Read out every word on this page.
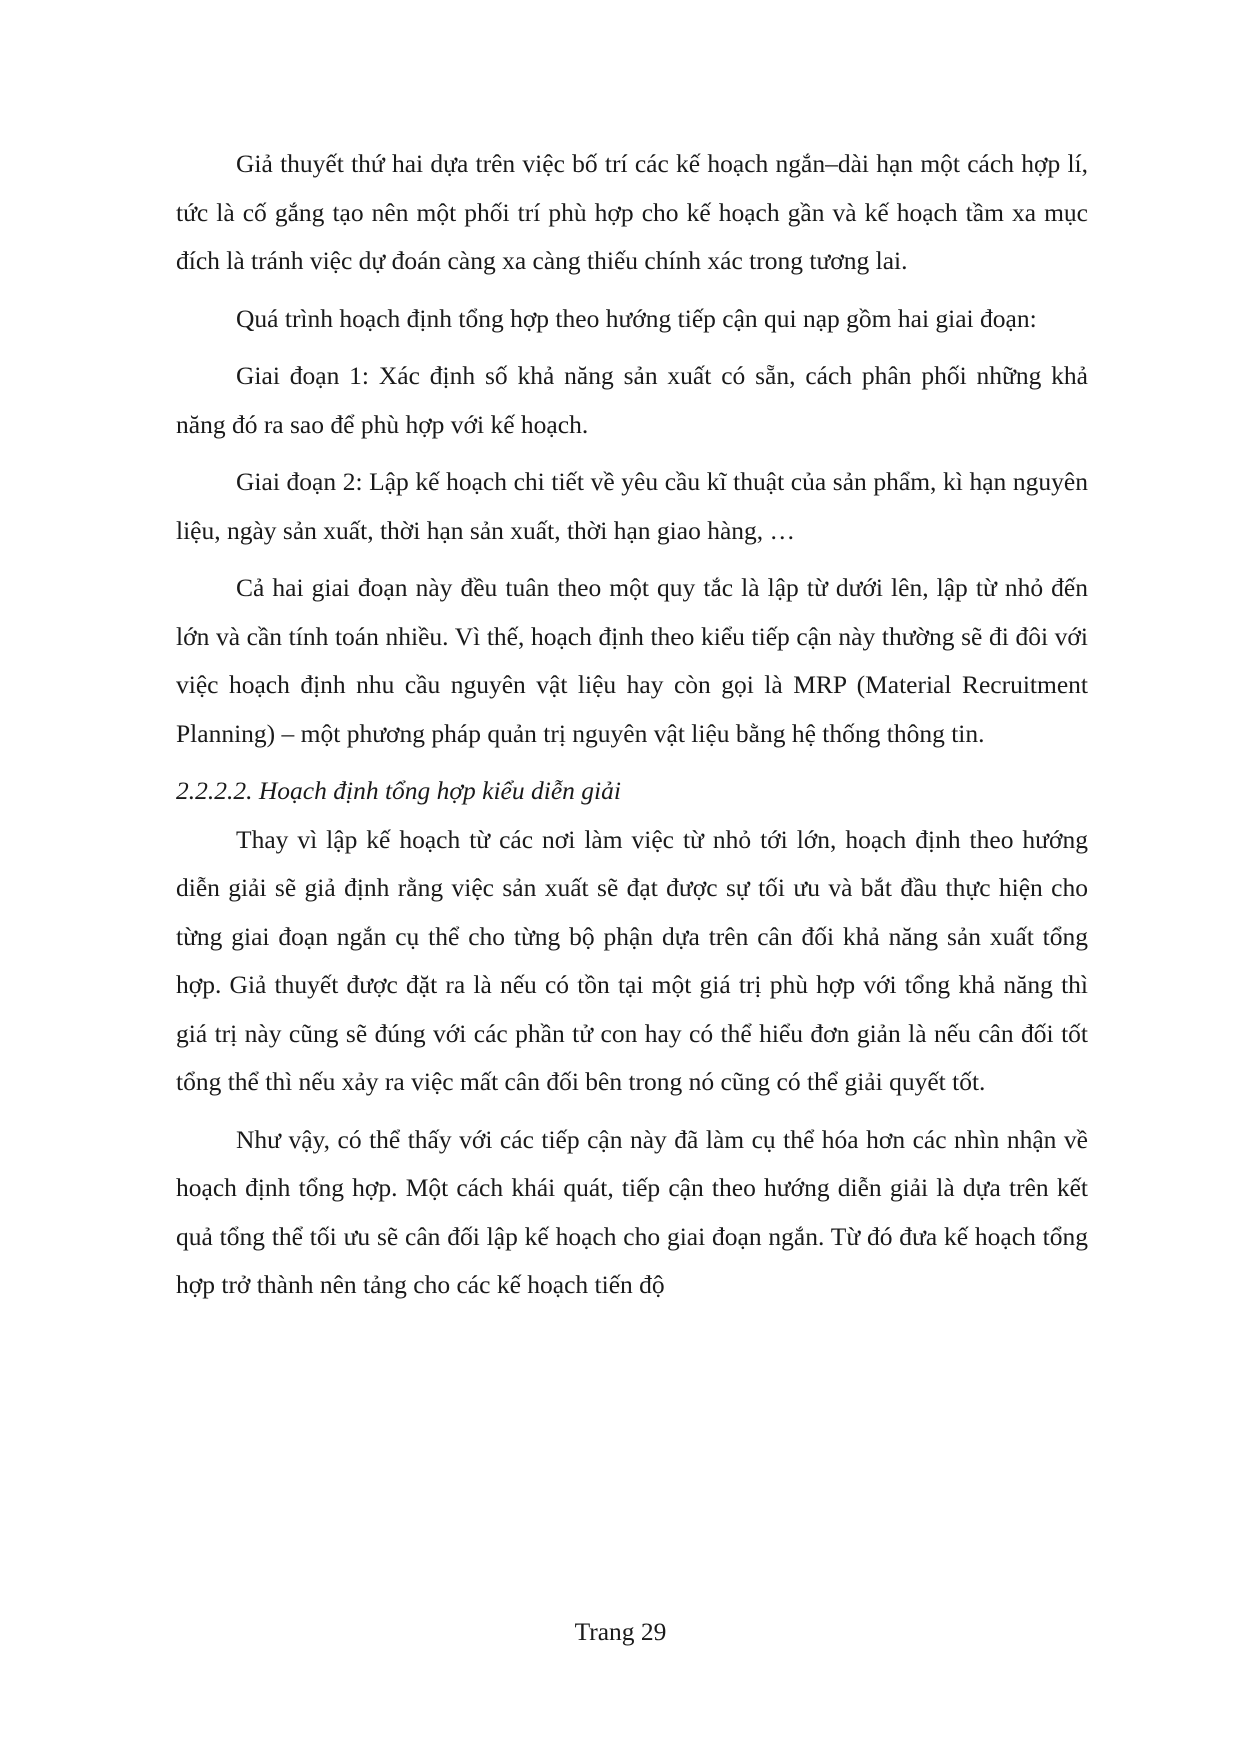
Giả thuyết thứ hai dựa trên việc bố trí các kế hoạch ngắn–dài hạn một cách hợp lí, tức là cố gắng tạo nên một phối trí phù hợp cho kế hoạch gần và kế hoạch tầm xa mục đích là tránh việc dự đoán càng xa càng thiếu chính xác trong tương lai.

Quá trình hoạch định tổng hợp theo hướng tiếp cận qui nạp gồm hai giai đoạn:

Giai đoạn 1: Xác định số khả năng sản xuất có sẵn, cách phân phối những khả năng đó ra sao để phù hợp với kế hoạch.

Giai đoạn 2: Lập kế hoạch chi tiết về yêu cầu kĩ thuật của sản phẩm, kì hạn nguyên liệu, ngày sản xuất, thời hạn sản xuất, thời hạn giao hàng, …

Cả hai giai đoạn này đều tuân theo một quy tắc là lập từ dưới lên, lập từ nhỏ đến lớn và cần tính toán nhiều. Vì thế, hoạch định theo kiểu tiếp cận này thường sẽ đi đôi với việc hoạch định nhu cầu nguyên vật liệu hay còn gọi là MRP (Material Recruitment Planning) – một phương pháp quản trị nguyên vật liệu bằng hệ thống thông tin.

2.2.2.2. Hoạch định tổng hợp kiểu diễn giải

Thay vì lập kế hoạch từ các nơi làm việc từ nhỏ tới lớn, hoạch định theo hướng diễn giải sẽ giả định rằng việc sản xuất sẽ đạt được sự tối ưu và bắt đầu thực hiện cho từng giai đoạn ngắn cụ thể cho từng bộ phận dựa trên cân đối khả năng sản xuất tổng hợp. Giả thuyết được đặt ra là nếu có tồn tại một giá trị phù hợp với tổng khả năng thì giá trị này cũng sẽ đúng với các phần tử con hay có thể hiểu đơn giản là nếu cân đối tốt tổng thể thì nếu xảy ra việc mất cân đối bên trong nó cũng có thể giải quyết tốt.

Như vậy, có thể thấy với các tiếp cận này đã làm cụ thể hóa hơn các nhìn nhận về hoạch định tổng hợp. Một cách khái quát, tiếp cận theo hướng diễn giải là dựa trên kết quả tổng thể tối ưu sẽ cân đối lập kế hoạch cho giai đoạn ngắn. Từ đó đưa kế hoạch tổng hợp trở thành nên tảng cho các kế hoạch tiến độ

Trang 29
